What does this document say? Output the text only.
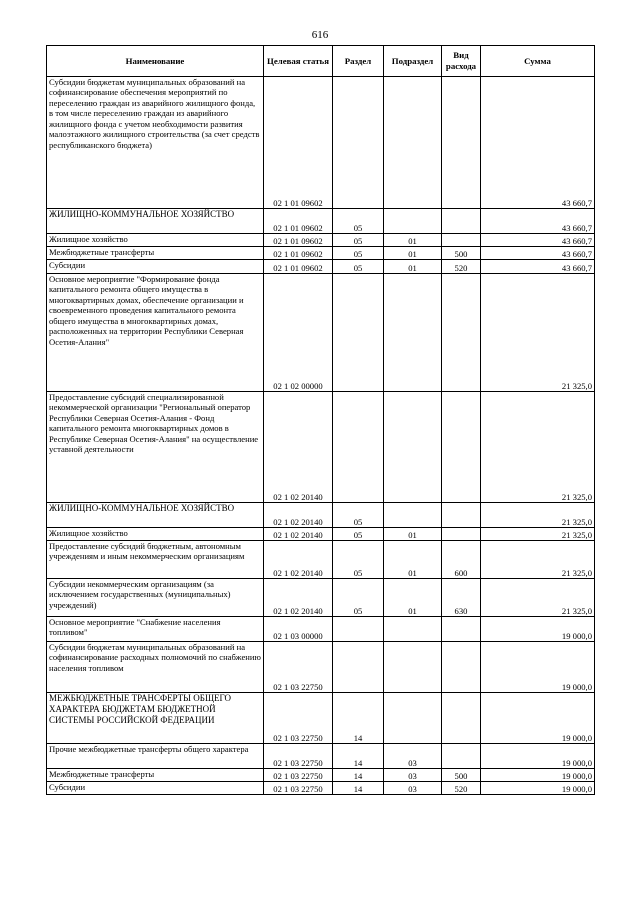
616
Наименование	Целевая статья	Раздел	Подраздел	Вид расхода	Сумма
Субсидии бюджетам муниципальных образований на софинансирование обеспечения мероприятий по переселению граждан из аварийного жилищного фонда, в том числе переселению граждан из аварийного жилищного фонда с учетом необходимости развития малоэтажного жилищного строительства (за счет средств республиканского бюджета)	02 1 01 09602				43 660,7
ЖИЛИЩНО-КОММУНАЛЬНОЕ ХОЗЯЙСТВО	02 1 01 09602	05			43 660,7
Жилищное хозяйство	02 1 01 09602	05	01		43 660,7
Межбюджетные трансферты	02 1 01 09602	05	01	500	43 660,7
Субсидии	02 1 01 09602	05	01	520	43 660,7
Основное мероприятие "Формирование фонда капитального ремонта общего имущества в многоквартирных домах, обеспечение организации и своевременного проведения капитального ремонта общего имущества в многоквартирных домах, расположенных на территории Республики Северная Осетия-Алания"	02 1 02 00000				21 325,0
Предоставление субсидий специализированной некоммерческой организации "Региональный оператор Республики Северная Осетия-Алания - Фонд капитального ремонта многоквартирных домов в Республике Северная Осетия-Алания" на осуществление уставной деятельности	02 1 02 20140				21 325,0
ЖИЛИЩНО-КОММУНАЛЬНОЕ ХОЗЯЙСТВО	02 1 02 20140	05			21 325,0
Жилищное хозяйство	02 1 02 20140	05	01		21 325,0
Предоставление субсидий бюджетным, автономным учреждениям и иным некоммерческим организациям	02 1 02 20140	05	01	600	21 325,0
Субсидии некоммерческим организациям (за исключением государственных (муниципальных) учреждений)	02 1 02 20140	05	01	630	21 325,0
Основное мероприятие "Снабжение населения топливом"	02 1 03 00000				19 000,0
Субсидии бюджетам муниципальных образований на софинансирование расходных полномочий по снабжению населения топливом	02 1 03 22750				19 000,0
МЕЖБЮДЖЕТНЫЕ ТРАНСФЕРТЫ ОБЩЕГО ХАРАКТЕРА БЮДЖЕТАМ БЮДЖЕТНОЙ СИСТЕМЫ РОССИЙСКОЙ ФЕДЕРАЦИИ	02 1 03 22750	14			19 000,0
Прочие межбюджетные трансферты общего характера	02 1 03 22750	14	03		19 000,0
Межбюджетные трансферты	02 1 03 22750	14	03	500	19 000,0
Субсидии	02 1 03 22750	14	03	520	19 000,0
